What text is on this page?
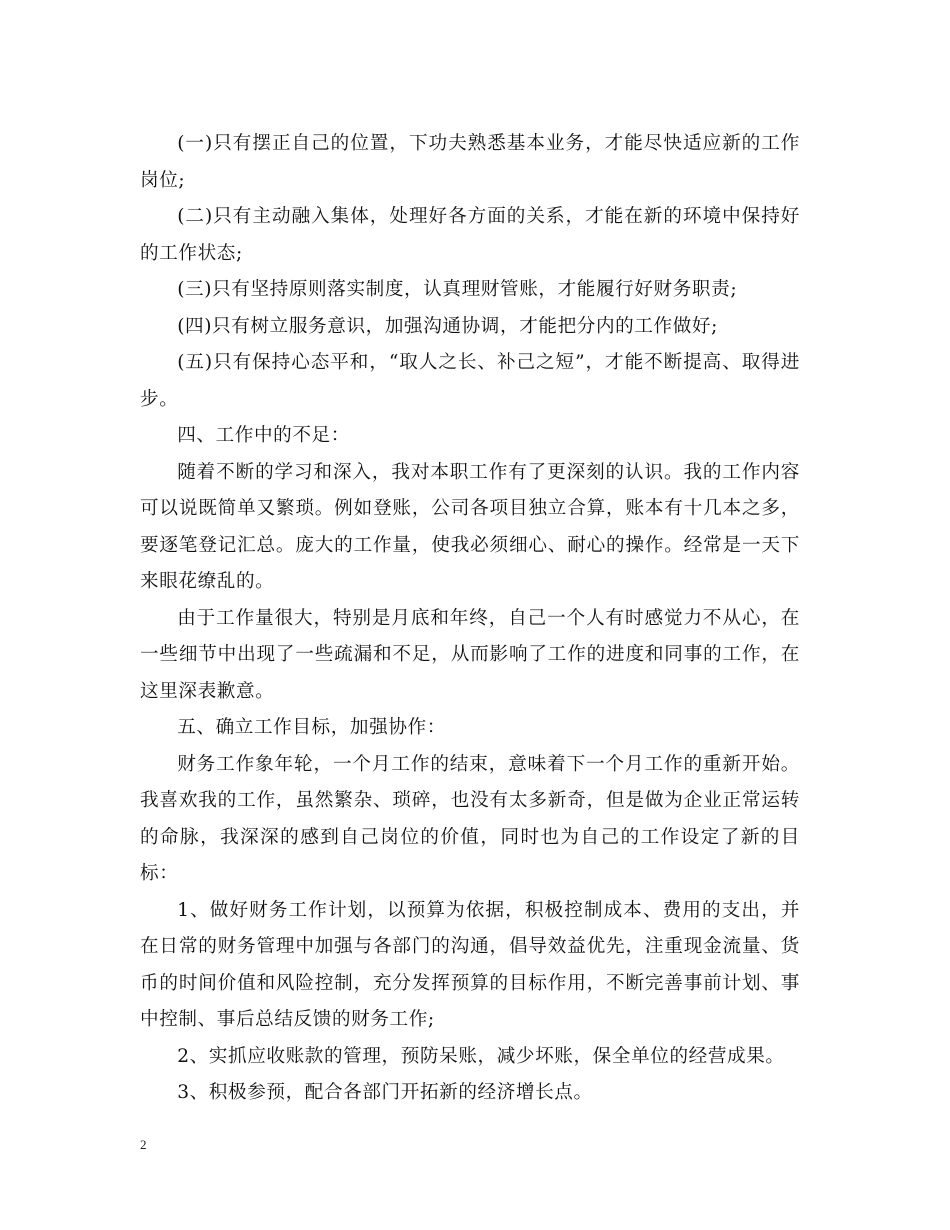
(一)只有摆正自己的位置，下功夫熟悉基本业务，才能尽快适应新的工作岗位;

(二)只有主动融入集体，处理好各方面的关系，才能在新的环境中保持好的工作状态;

(三)只有坚持原则落实制度，认真理财管账，才能履行好财务职责;

(四)只有树立服务意识，加强沟通协调，才能把分内的工作做好;

(五)只有保持心态平和，“取人之长、补己之短”，才能不断提高、取得进步。

四、工作中的不足：

随着不断的学习和深入，我对本职工作有了更深刻的认识。我的工作内容可以说既简单又繁琐。例如登账，公司各项目独立合算，账本有十几本之多，要逐笔登记汇总。庞大的工作量，使我必须细心、耐心的操作。经常是一天下来眼花缭乱的。

由于工作量很大，特别是月底和年终，自己一个人有时感觉力不从心，在一些细节中出现了一些疏漏和不足，从而影响了工作的进度和同事的工作，在这里深表歉意。

五、确立工作目标，加强协作：

财务工作象年轮，一个月工作的结束，意味着下一个月工作的重新开始。我喜欢我的工作，虽然繁杂、琐碎，也没有太多新奇，但是做为企业正常运转的命脉，我深深的感到自己岗位的价值，同时也为自己的工作设定了新的目标：

1、做好财务工作计划，以预算为依据，积极控制成本、费用的支出，并在日常的财务管理中加强与各部门的沟通，倡导效益优先，注重现金流量、货币的时间价值和风险控制，充分发挥预算的目标作用，不断完善事前计划、事中控制、事后总结反馈的财务工作;

2、实抓应收账款的管理，预防呆账，减少坏账，保全单位的经营成果。

3、积极参预，配合各部门开拓新的经济增长点。

2
